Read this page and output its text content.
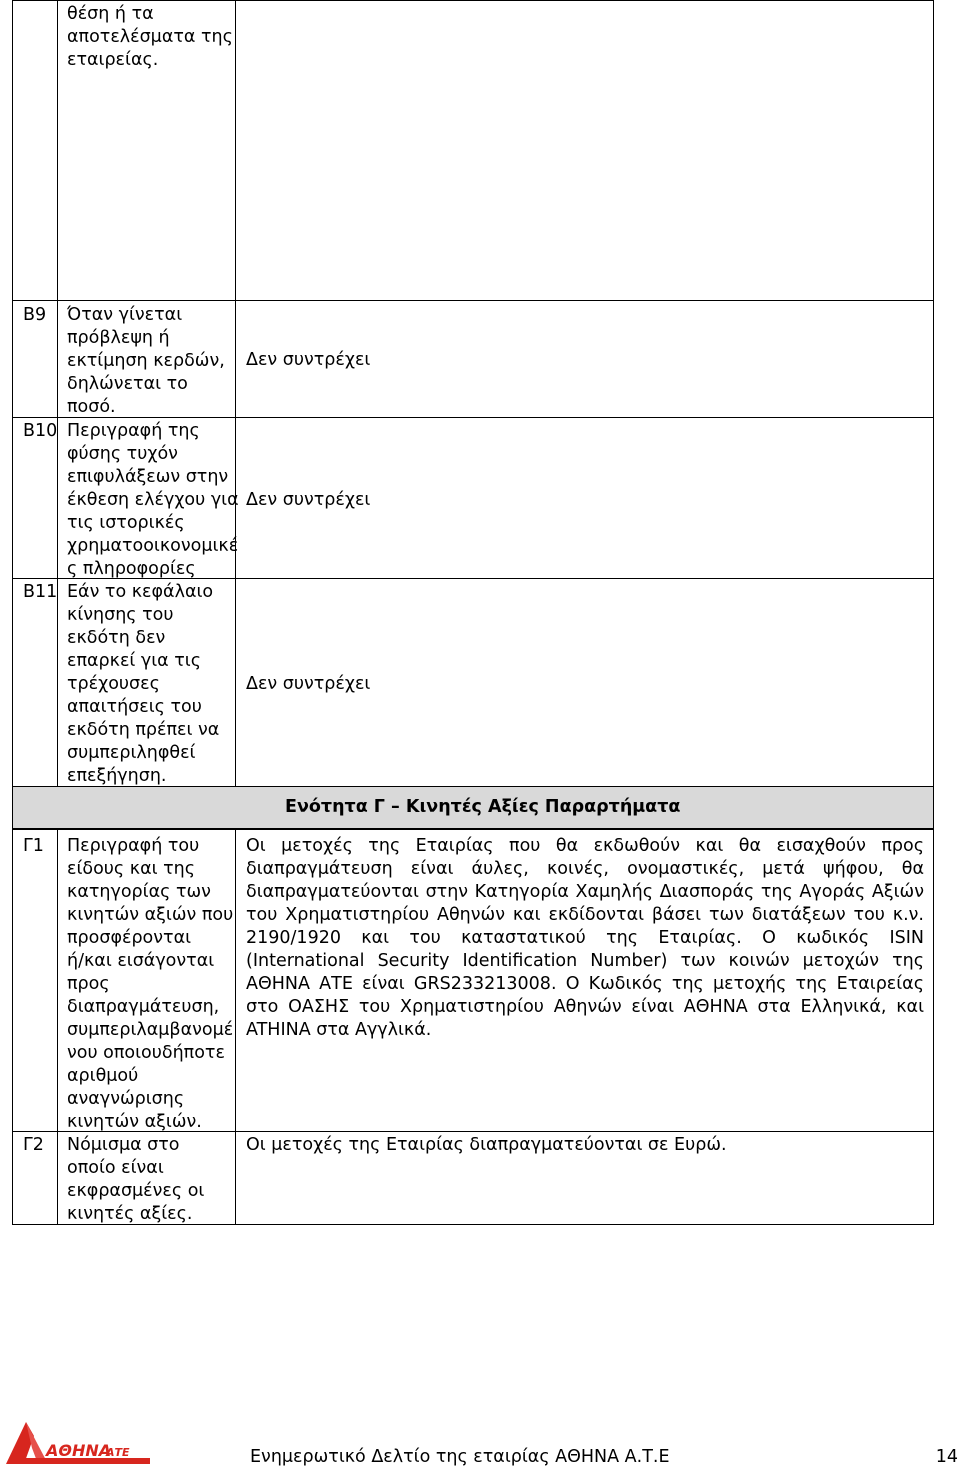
θέση ή τα
αποτελέσματα της
εταιρείας.
B9 Όταν γίνεται
πρόβλεψη ή
εκτίμηση κερδών,
δηλώνεται το
ποσό.
Δεν συντρέχει
B10 Περιγραφή της
φύσης τυχόν
επιφυλάξεων στην
έκθεση ελέγχου για
τις ιστορικές
χρηματοοικονομικέ
ς πληροφορίες
Δεν συντρέχει
B11 Εάν το κεφάλαιο
κίνησης του
εκδότη δεν
επαρκεί για τις
τρέχουσες
απαιτήσεις του
εκδότη πρέπει να
συμπεριληφθεί
επεξήγηση.
Δεν συντρέχει
Ενότητα Γ – Κινητές Αξίες Παραρτήματα
Γ1 Περιγραφή του
είδους και της
κατηγορίας των
κινητών αξιών που
προσφέρονται
ή/και εισάγονται
προς
διαπραγμάτευση,
συμπεριλαμβανομέ
νου οποιουδήποτε
αριθμού
αναγνώρισης
κινητών αξιών.
Οι μετοχές της Εταιρίας που θα εκδωθούν και θα εισαχθούν προς διαπραγμάτευση είναι άυλες, κοινές, ονομαστικές, μετά ψήφου, θα διαπραγματεύονται στην Κατηγορία Χαμηλής Διασποράς της Αγοράς Αξιών του Χρηματιστηρίου Αθηνών και εκδίδονται βάσει των διατάξεων του κ.ν. 2190/1920 και του καταστατικού της Εταιρίας. Ο κωδικός ISIN (International Security Identification Number) των κοινών μετοχών της ΑΘΗΝΑ ΑΤΕ είναι GRS233213008. Ο Κωδικός της μετοχής της Εταιρείας στο ΟΑΣΗΣ του Χρηματιστηρίου Αθηνών είναι ΑΘΗΝΑ στα Ελληνικά, και ATHINA στα Αγγλικά.
Γ2 Νόμισμα στο
οποίο είναι
εκφρασμένες οι
κινητές αξίες.
Οι μετοχές της Εταιρίας διαπραγματεύονται σε Ευρώ.
ΑΘΗΝΑ
ΑΤΕ	Ενημερωτικό Δελτίο της εταιρίας ΑΘΗΝΑ Α.Τ.Ε	14
